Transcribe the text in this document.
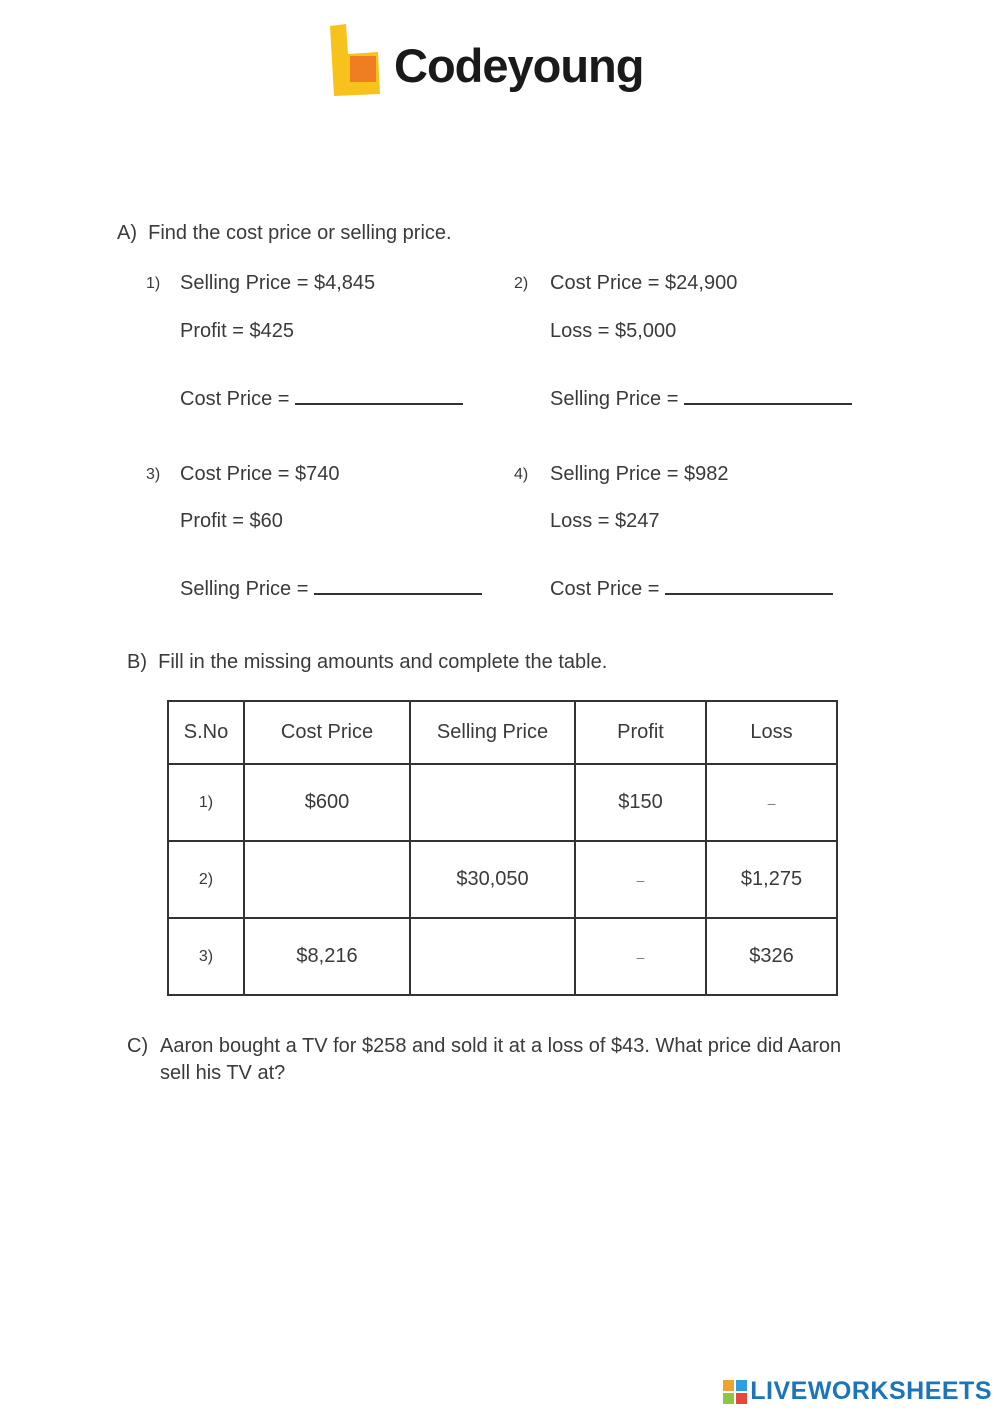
Codeyoung
A) Find the cost price or selling price.
1) Selling Price = $4,845
Profit = $425
Cost Price =
2) Cost Price = $24,900
Loss = $5,000
Selling Price =
3) Cost Price = $740
Profit = $60
Selling Price =
4) Selling Price = $982
Loss = $247
Cost Price =
B) Fill in the missing amounts and complete the table.
S.No	Cost Price	Selling Price	Profit	Loss
1)	$600		$150	–
2)		$30,050	–	$1,275
3)	$8,216		–	$326
C) Aaron bought a TV for $258 and sold it at a loss of $43. What price did Aaron
sell his TV at?
LIVEWORKSHEETS
